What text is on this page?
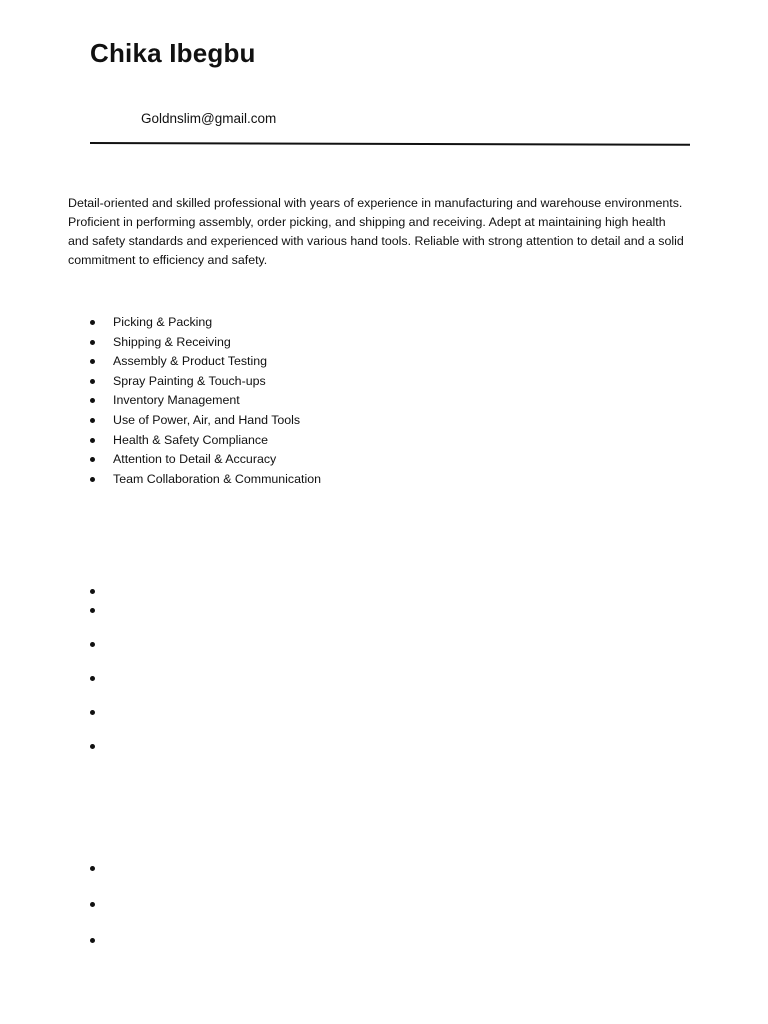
Chika Ibegbu
Goldnslim@gmail.com

Detail-oriented and skilled professional with years of experience in manufacturing and warehouse environments. Proficient in performing assembly, order picking, and shipping and receiving. Adept at maintaining high health and safety standards and experienced with various hand tools. Reliable with strong attention to detail and a solid commitment to efficiency and safety.

Picking & Packing
Shipping & Receiving
Assembly & Product Testing
Spray Painting & Touch-ups
Inventory Management
Use of Power, Air, and Hand Tools
Health & Safety Compliance
Attention to Detail & Accuracy
Team Collaboration & Communication
